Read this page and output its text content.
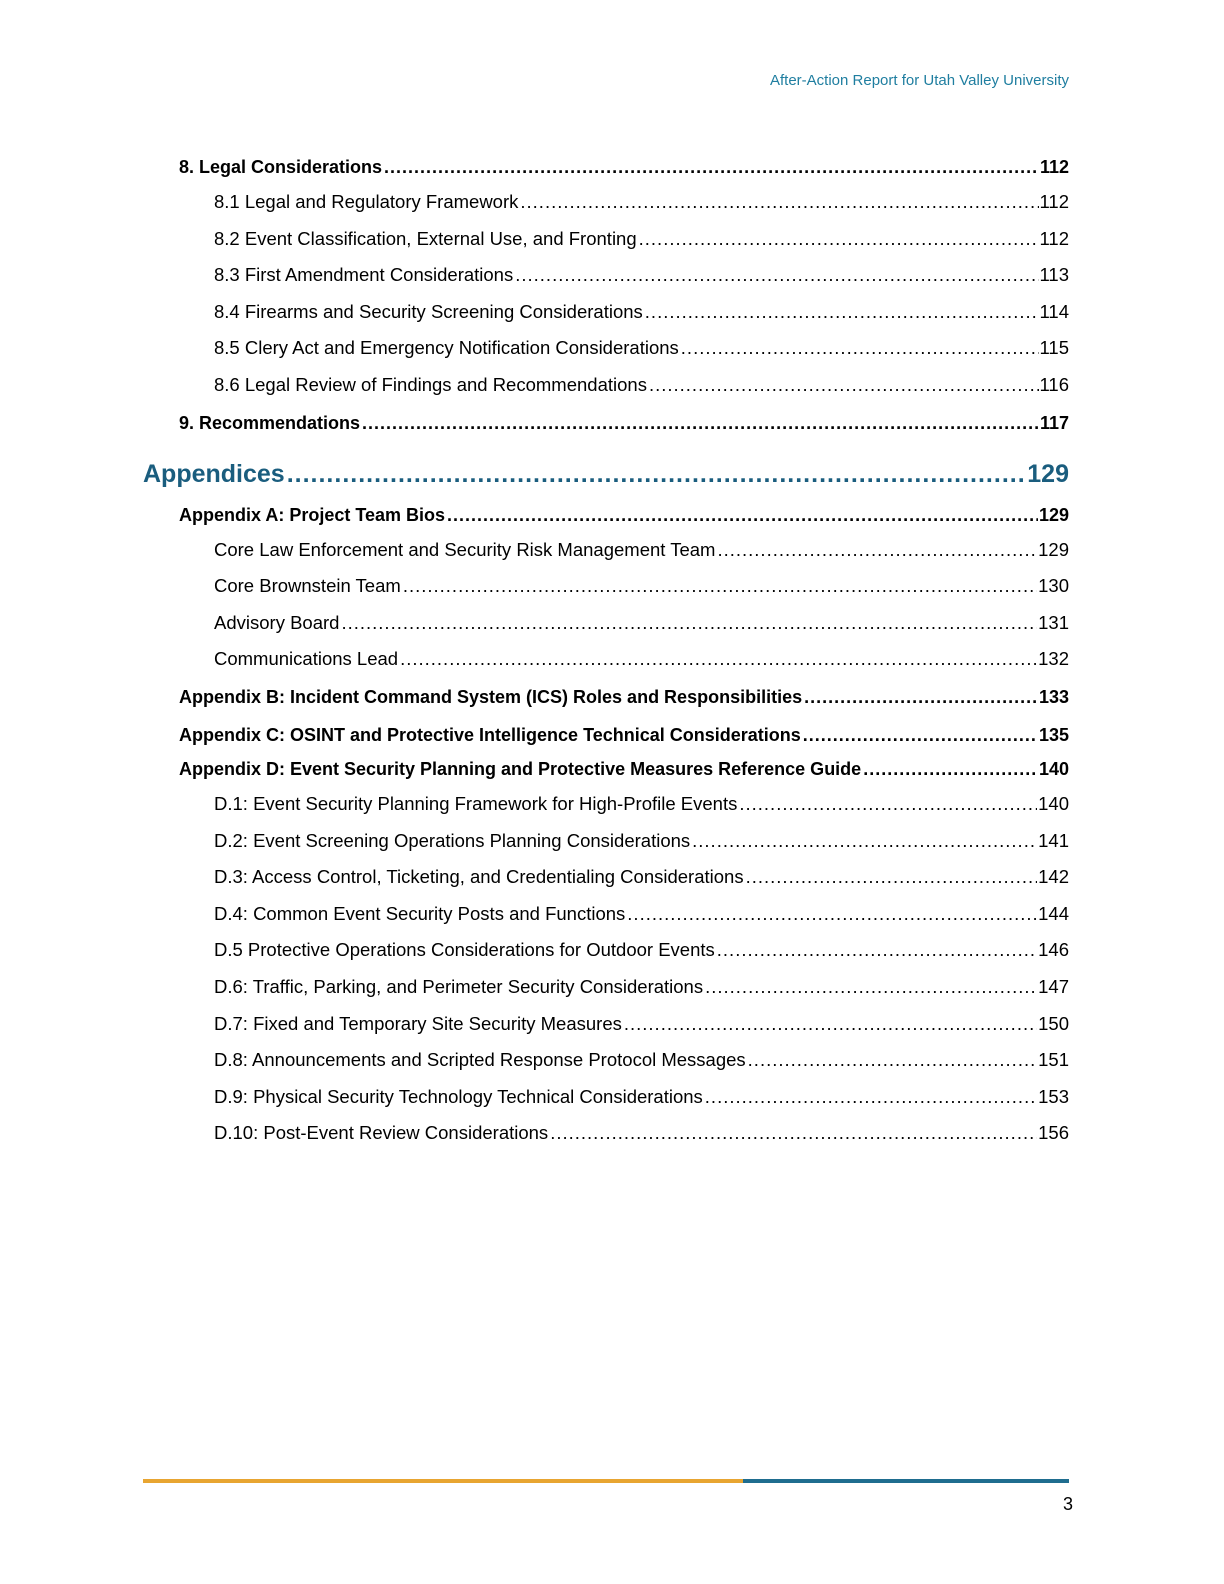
After-Action Report for Utah Valley University
8. Legal Considerations .....	112
8.1 Legal and Regulatory Framework .....	112
8.2 Event Classification, External Use, and Fronting .....	112
8.3 First Amendment Considerations .....	113
8.4 Firearms and Security Screening Considerations .....	114
8.5 Clery Act and Emergency Notification Considerations .....	115
8.6 Legal Review of Findings and Recommendations .....	116
9. Recommendations .....	117
Appendices .....	129
Appendix A: Project Team Bios .....	129
Core Law Enforcement and Security Risk Management Team .....	129
Core Brownstein Team .....	130
Advisory Board .....	131
Communications Lead .....	132
Appendix B: Incident Command System (ICS) Roles and Responsibilities .....	133
Appendix C: OSINT and Protective Intelligence Technical Considerations .....	135
Appendix D: Event Security Planning and Protective Measures Reference Guide .....	140
D.1: Event Security Planning Framework for High-Profile Events .....	140
D.2: Event Screening Operations Planning Considerations .....	141
D.3: Access Control, Ticketing, and Credentialing Considerations .....	142
D.4: Common Event Security Posts and Functions .....	144
D.5 Protective Operations Considerations for Outdoor Events .....	146
D.6: Traffic, Parking, and Perimeter Security Considerations .....	147
D.7: Fixed and Temporary Site Security Measures .....	150
D.8: Announcements and Scripted Response Protocol Messages .....	151
D.9: Physical Security Technology Technical Considerations .....	153
D.10: Post-Event Review Considerations .....	156
3
